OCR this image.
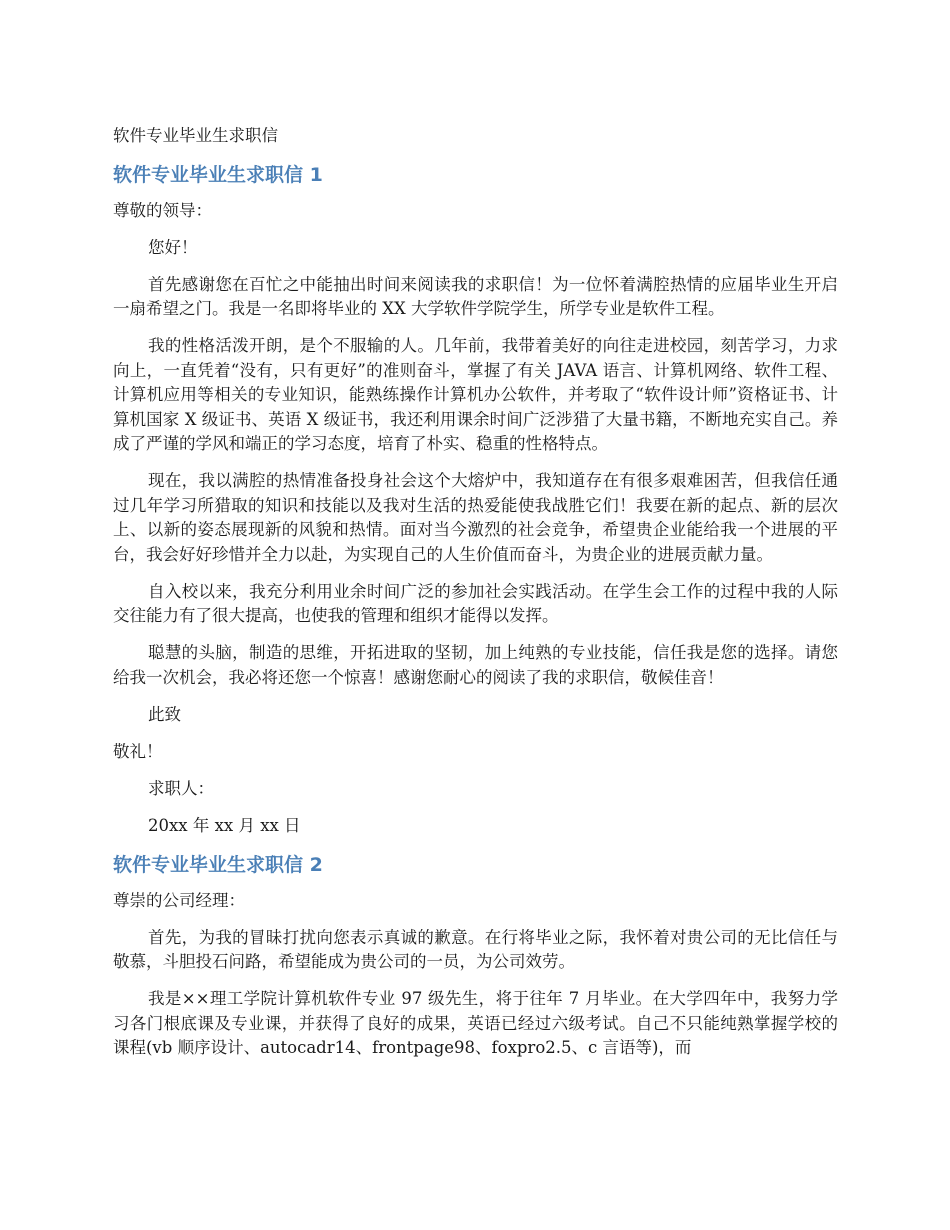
软件专业毕业生求职信
软件专业毕业生求职信 1

尊敬的领导：

您好！

首先感谢您在百忙之中能抽出时间来阅读我的求职信！为一位怀着满腔热情的应届毕业生开启一扇希望之门。我是一名即将毕业的 XX 大学软件学院学生，所学专业是软件工程。

我的性格活泼开朗，是个不服输的人。几年前，我带着美好的向往走进校园，刻苦学习，力求向上，一直凭着“没有，只有更好”的准则奋斗，掌握了有关 JAVA 语言、计算机网络、软件工程、计算机应用等相关的专业知识，能熟练操作计算机办公软件，并考取了“软件设计师”资格证书、计算机国家 X 级证书、英语 X 级证书，我还利用课余时间广泛涉猎了大量书籍，不断地充实自己。养成了严谨的学风和端正的学习态度，培育了朴实、稳重的性格特点。

现在，我以满腔的热情准备投身社会这个大熔炉中，我知道存在有很多艰难困苦，但我信任通过几年学习所猎取的知识和技能以及我对生活的热爱能使我战胜它们！我要在新的起点、新的层次上、以新的姿态展现新的风貌和热情。面对当今激烈的社会竞争，希望贵企业能给我一个进展的平台，我会好好珍惜并全力以赴，为实现自己的人生价值而奋斗，为贵企业的进展贡献力量。

自入校以来，我充分利用业余时间广泛的参加社会实践活动。在学生会工作的过程中我的人际交往能力有了很大提高，也使我的管理和组织才能得以发挥。

聪慧的头脑，制造的思维，开拓进取的坚韧，加上纯熟的专业技能，信任我是您的选择。请您给我一次机会，我必将还您一个惊喜！感谢您耐心的阅读了我的求职信，敬候佳音！

此致

敬礼！

求职人：

20xx 年 xx 月 xx 日

软件专业毕业生求职信 2

尊崇的公司经理：

首先，为我的冒昧打扰向您表示真诚的歉意。在行将毕业之际，我怀着对贵公司的无比信任与敬慕，斗胆投石问路，希望能成为贵公司的一员，为公司效劳。

我是××理工学院计算机软件专业 97 级先生，将于往年 7 月毕业。在大学四年中，我努力学习各门根底课及专业课，并获得了良好的成果，英语已经过六级考试。自己不只能纯熟掌握学校的课程(vb 顺序设计、autocadr14、frontpage98、foxpro2.5、c 言语等)，而
